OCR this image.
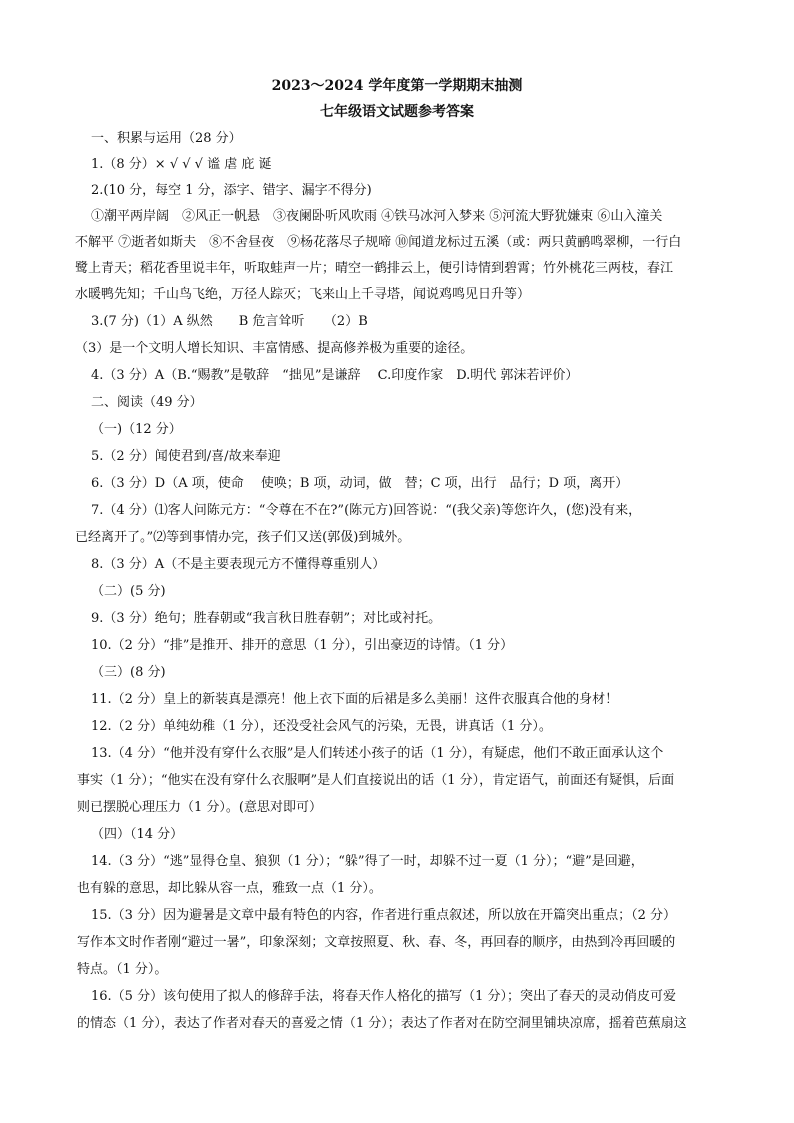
2023～2024 学年度第一学期期末抽测
七年级语文试题参考答案
一、积累与运用（28 分）
1.（8 分）× √ √ √ 谧 虐 庇 诞
2.(10 分，每空 1 分，添字、错字、漏字不得分)
①潮平两岸阔　②风正一帆悬　③夜阑卧听风吹雨 ④铁马冰河入梦来 ⑤河流大野犹嫌束 ⑥山入潼关
不解平 ⑦逝者如斯夫　⑧不舍昼夜　⑨杨花落尽子规啼 ⑩闻道龙标过五溪（或：两只黄鹂鸣翠柳，一行白
鹭上青天；稻花香里说丰年，听取蛙声一片；晴空一鹤排云上，便引诗情到碧霄；竹外桃花三两枝，春江
水暖鸭先知；千山鸟飞绝，万径人踪灭；飞来山上千寻塔，闻说鸡鸣见日升等）
3.(7 分)（1）A 纵然　　B 危言耸听　　（2）B
（3）是一个文明人增长知识、丰富情感、提高修养极为重要的途径。
4.（3 分）A（B.“赐教”是敬辞　“拙见”是谦辞　 C.印度作家　D.明代 郭沫若评价）
二、阅读（49 分）
（一)（12 分）
5.（2 分）闻使君到/喜/故来奉迎
6.（3 分）D（A 项，使命　 使唤；B 项，动词，做　替；C 项，出行　品行；D 项，离开）
7.（4 分）⑴客人问陈元方：“令尊在不在?”(陈元方)回答说：“(我父亲)等您许久，(您)没有来，
已经离开了。”⑵等到事情办完，孩子们又送(郭伋)到城外。
8.（3 分）A（不是主要表现元方不懂得尊重别人）
（二）(5 分)
9.（3 分）绝句；胜春朝或“我言秋日胜春朝”；对比或衬托。
10.（2 分）“排”是推开、排开的意思（1 分），引出豪迈的诗情。（1 分）
（三）(8 分)
11.（2 分）皇上的新装真是漂亮！他上衣下面的后裙是多么美丽！这件衣服真合他的身材！
12.（2 分）单纯幼稚（1 分），还没受社会风气的污染，无畏，讲真话（1 分）。
13.（4 分）“他并没有穿什么衣服”是人们转述小孩子的话（1 分），有疑虑，他们不敢正面承认这个
事实（1 分）；“他实在没有穿什么衣服啊”是人们直接说出的话（1 分），肯定语气，前面还有疑惧，后面
则已摆脱心理压力（1 分）。(意思对即可）
（四）（14 分）
14.（3 分）“逃”显得仓皇、狼狈（1 分）；“躲”得了一时，却躲不过一夏（1 分）；“避”是回避，
也有躲的意思，却比躲从容一点，雅致一点（1 分）。
15.（3 分）因为避暑是文章中最有特色的内容，作者进行重点叙述，所以放在开篇突出重点；（2 分）
写作本文时作者刚“避过一暑”，印象深刻；文章按照夏、秋、春、冬，再回春的顺序，由热到冷再回暖的
特点。（1 分）。
16.（5 分）该句使用了拟人的修辞手法，将春天作人格化的描写（1 分）；突出了春天的灵动俏皮可爱
的情态（1 分），表达了作者对春天的喜爱之情（1 分）；表达了作者对在防空洞里铺块凉席，摇着芭蕉扇这
